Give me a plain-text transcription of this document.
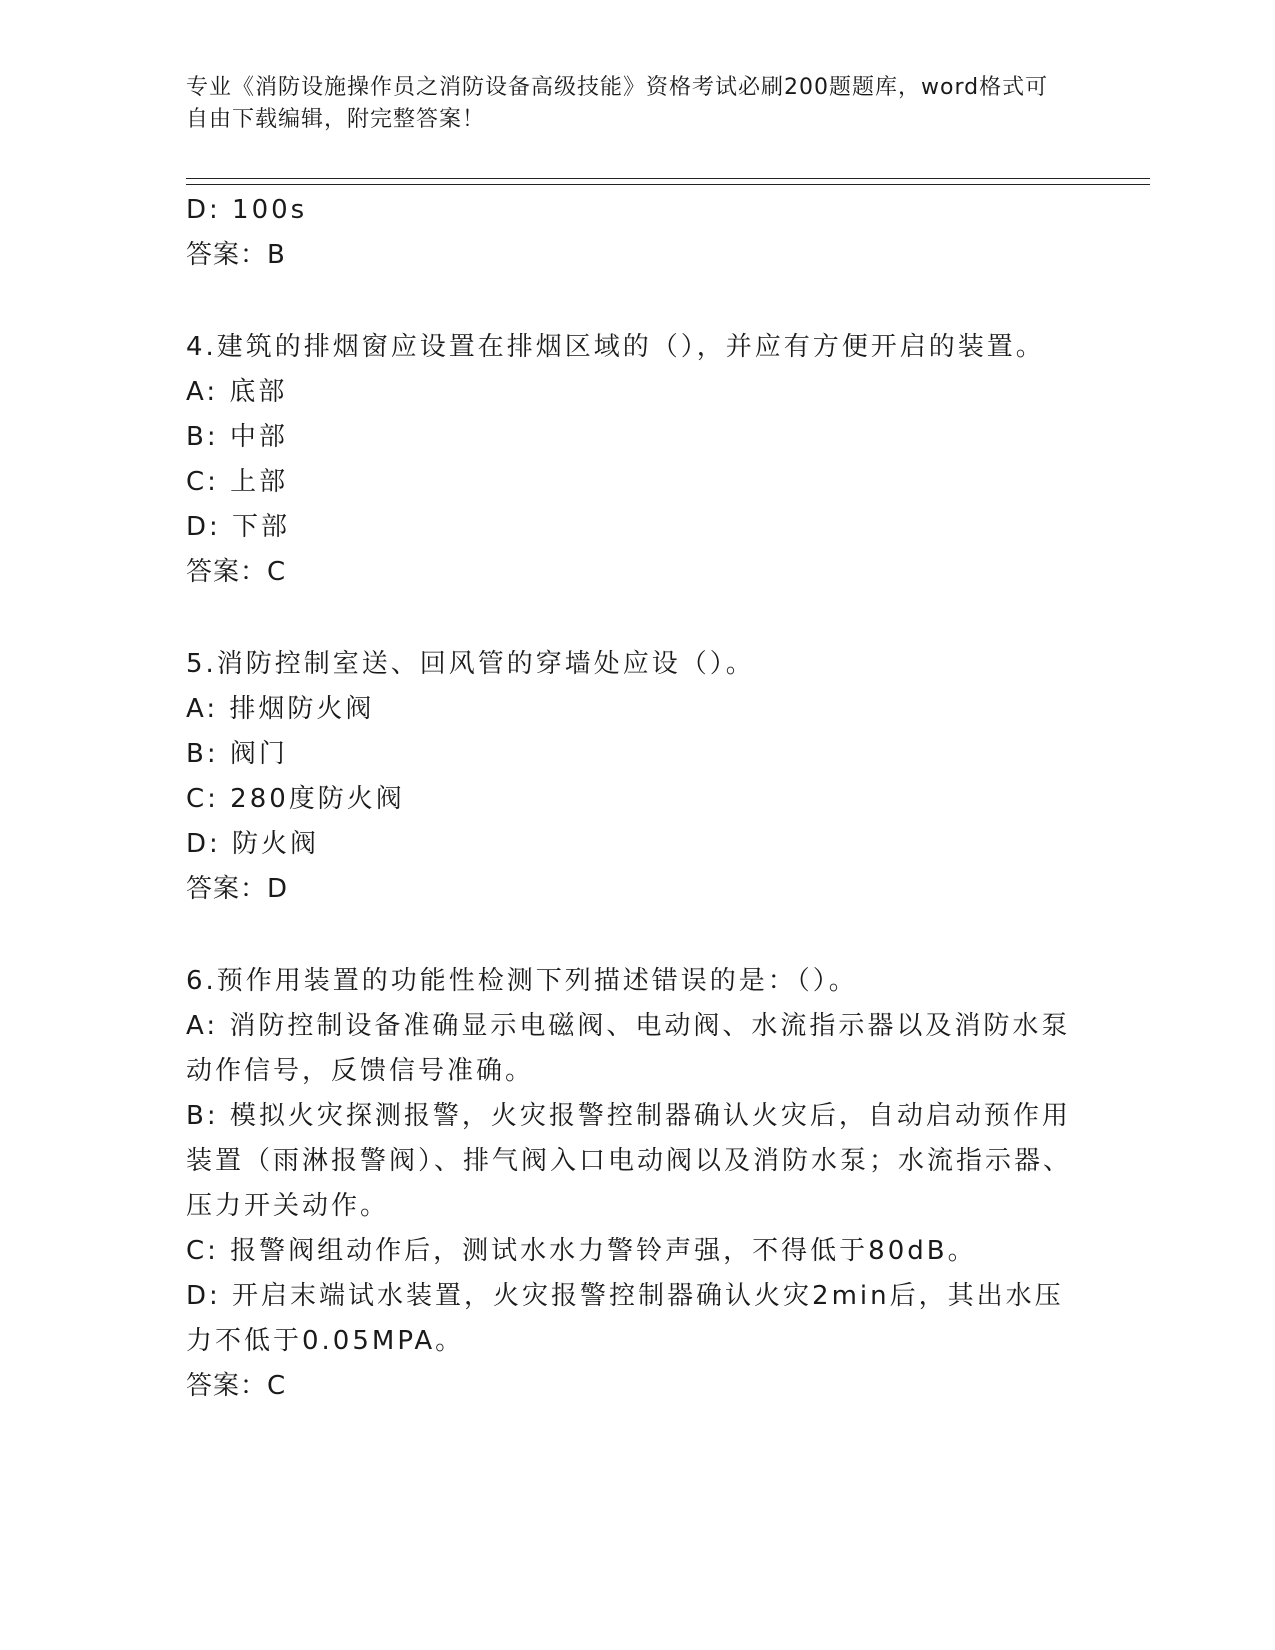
专业《消防设施操作员之消防设备高级技能》资格考试必刷200题题库，word格式可自由下载编辑，附完整答案！
D: 100s
答案：B
4.建筑的排烟窗应设置在排烟区域的（），并应有方便开启的装置。
A: 底部
B: 中部
C: 上部
D: 下部
答案：C
5.消防控制室送、回风管的穿墙处应设（）。
A: 排烟防火阀
B: 阀门
C: 280度防火阀
D: 防火阀
答案：D
6.预作用装置的功能性检测下列描述错误的是：（）。
A: 消防控制设备准确显示电磁阀、电动阀、水流指示器以及消防水泵动作信号，反馈信号准确。
B: 模拟火灾探测报警，火灾报警控制器确认火灾后，自动启动预作用装置（雨淋报警阀）、排气阀入口电动阀以及消防水泵；水流指示器、压力开关动作。
C: 报警阀组动作后，测试水水力警铃声强，不得低于80dB。
D: 开启末端试水装置，火灾报警控制器确认火灾2min后，其出水压力不低于0.05MPA。
答案：C
